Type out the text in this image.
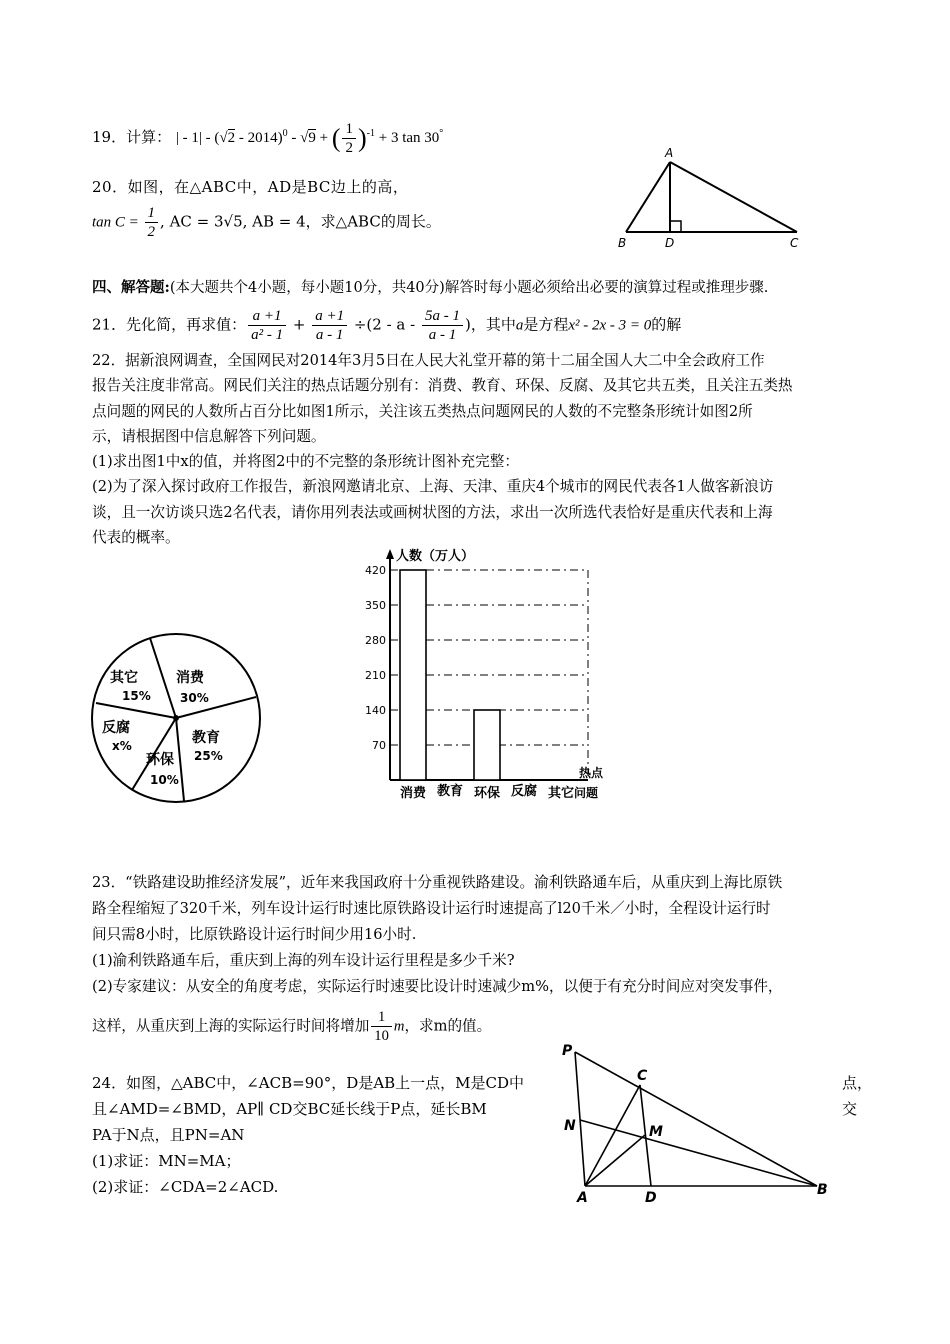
19．计算： | - 1| - (√2 - 2014)$^0$ - √9 + ( $\frac{1}{2} )^{-1} + 3$ tan 30°
20．如图，在△ABC中，AD是BC边上的高，
$\tan C = \frac{1}{2}$ , AC = 3√5, AB = 4，求△ABC的周长。
A
B	D	C
四、解答题:(本大题共个4小题，每小题10分，共40分)解答时每小题必须给出必要的演算过程或推理步骤.
21．先化简，再求值： $\frac{a +1}{\text{a² - 1}} + \frac{a +1}{a - 1} \div(2 - a - \frac{5a - 1}{a - 1}$ )，其中a是方程x² - 2x - 3 = 0的解
22．据新浪网调查，全国网民对2014年3月5日在人民大礼堂开幕的第十二届全国人大二中全会政府工作
报告关注度非常高。网民们关注的热点话题分别有：消费、教育、环保、反腐、及其它共五类，且关注五类热
点问题的网民的人数所占百分比如图1所示，关注该五类热点问题网民的人数的不完整条形统计如图2所
示，请根据图中信息解答下列问题。
(1)求出图1中x的值，并将图2中的不完整的条形统计图补充完整：
(2)为了深入探讨政府工作报告，新浪网邀请北京、上海、天津、重庆4个城市的网民代表各1人做客新浪访
谈，且一次访谈只选2名代表，请你用列表法或画树状图的方法，求出一次所选代表恰好是重庆代表和上海
代表的概率。
消费
30%
教育
25%
环保
10%
反腐
x%
其它
15%
人数（万人）
热点
问题
420
350
280
210
140
70
消费 教育 环保 反腐 其它
23．“铁路建设助推经济发展”，近年来我国政府十分重视铁路建设。渝利铁路通车后，从重庆到上海比原铁
路全程缩短了320千米，列车设计运行时速比原铁路设计运行时速提高了l20千米／小时，全程设计运行时
间只需8小时，比原铁路设计运行时间少用16小时.
(1)渝利铁路通车后，重庆到上海的列车设计运行里程是多少千米?
(2)专家建议：从安全的角度考虑，实际运行时速要比设计时速减少m%，以便于有充分时间应对突发事件，
这样，从重庆到上海的实际运行时间将增加 $\frac{1}{10}$ m，求m的值。
24．如图，△ABC中，∠ACB=90°，D是AB上一点，M是CD中	点，
且∠AMD=∠BMD，AP∥ CD交BC延长线于P点，延长BM	交
PA于N点，且PN=AN
(1)求证：MN=MA；
(2)求证：∠CDA=2∠ACD.
P
C
N	M
A	D	B
